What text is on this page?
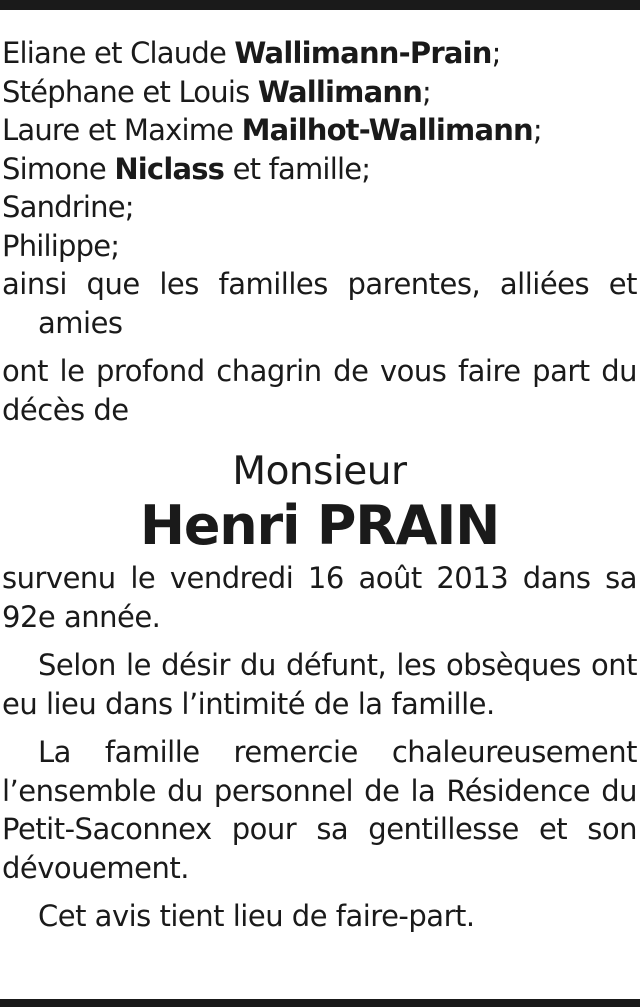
Eliane et Claude Wallimann-Prain;
Stéphane et Louis Wallimann;
Laure et Maxime Mailhot-Wallimann;
Simone Niclass et famille;
Sandrine;
Philippe;
ainsi que les familles parentes, alliées et amies
ont le profond chagrin de vous faire part du décès de
Monsieur
Henri PRAIN
survenu le vendredi 16 août 2013 dans sa 92e année.
Selon le désir du défunt, les obsèques ont eu lieu dans l’intimité de la famille.
La famille remercie chaleureusement l’ensemble du personnel de la Résidence du Petit-Saconnex pour sa gentillesse et son dévouement.
Cet avis tient lieu de faire-part.
